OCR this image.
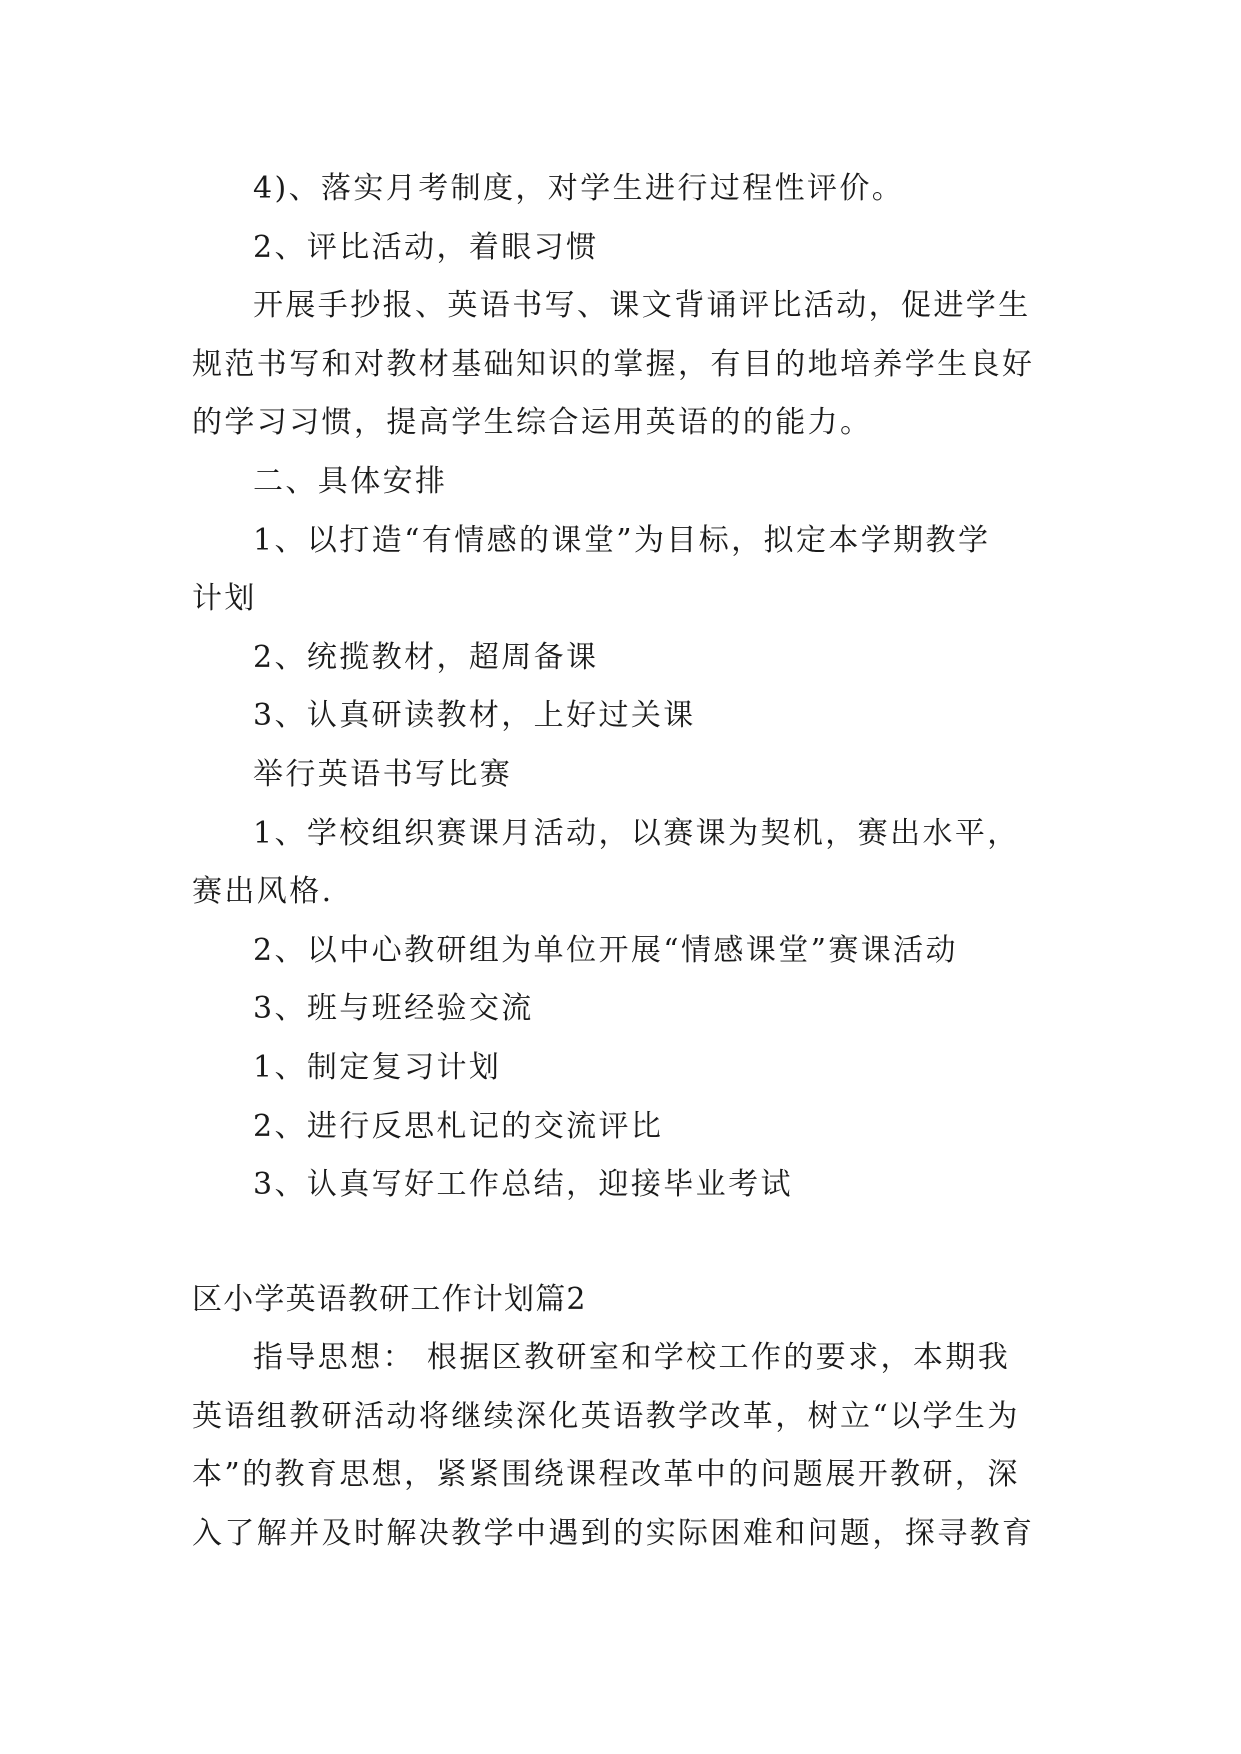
4)、落实月考制度，对学生进行过程性评价。
2、评比活动，着眼习惯
开展手抄报、英语书写、课文背诵评比活动，促进学生
规范书写和对教材基础知识的掌握，有目的地培养学生良好
的学习习惯，提高学生综合运用英语的的能力。
二、具体安排
1、以打造“有情感的课堂”为目标，拟定本学期教学
计划
2、统揽教材，超周备课
3、认真研读教材，上好过关课
举行英语书写比赛
1、学校组织赛课月活动，以赛课为契机，赛出水平，
赛出风格.
2、以中心教研组为单位开展“情感课堂”赛课活动
3、班与班经验交流
1、制定复习计划
2、进行反思札记的交流评比
3、认真写好工作总结，迎接毕业考试
区小学英语教研工作计划篇2
指导思想： 根据区教研室和学校工作的要求，本期我
英语组教研活动将继续深化英语教学改革，树立“以学生为
本”的教育思想，紧紧围绕课程改革中的问题展开教研，深
入了解并及时解决教学中遇到的实际困难和问题，探寻教育
